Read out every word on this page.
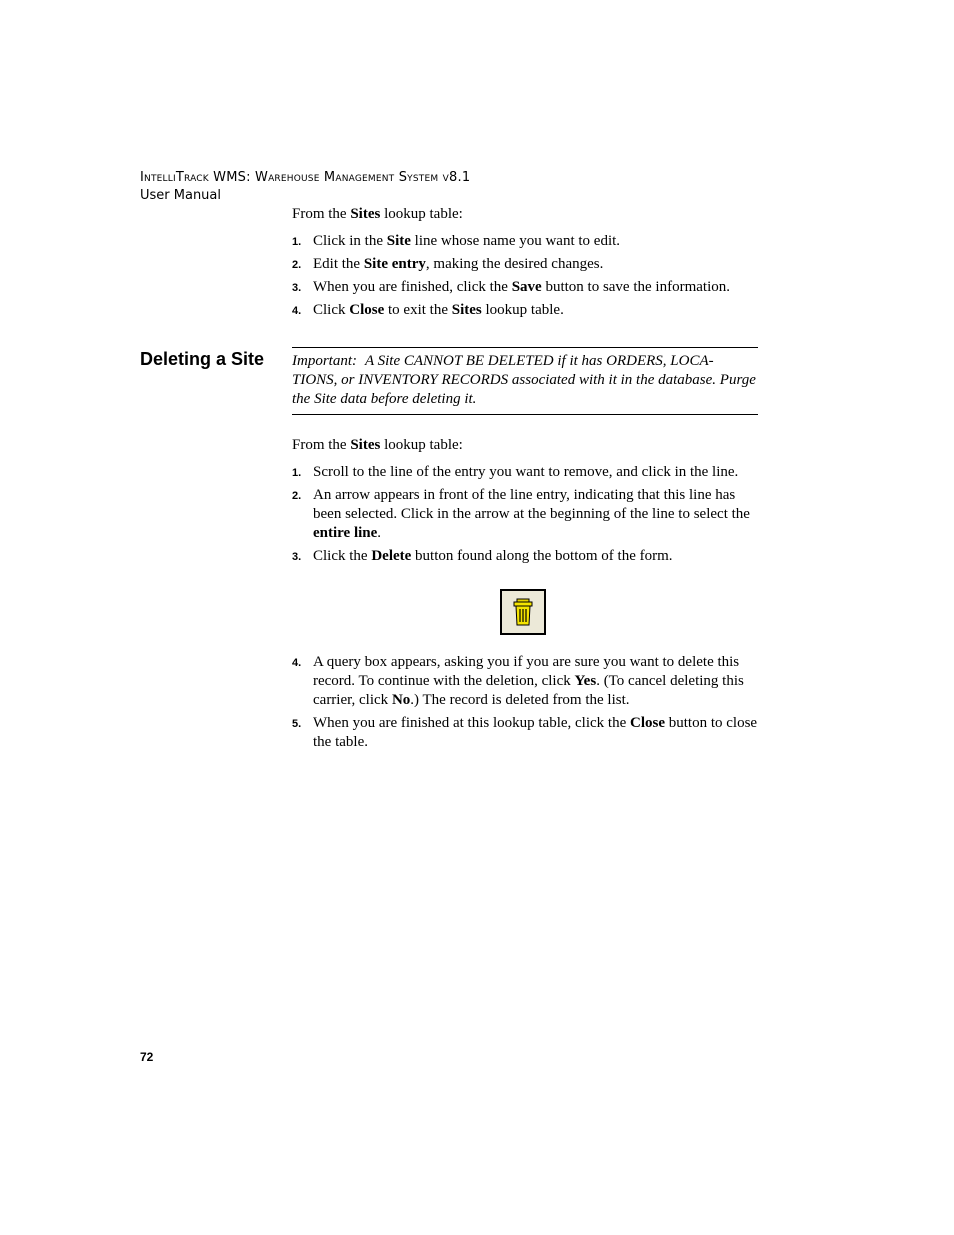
IntelliTrack WMS: Warehouse Management System v8.1
User Manual
From the Sites lookup table:
1. Click in the Site line whose name you want to edit.
2. Edit the Site entry, making the desired changes.
3. When you are finished, click the Save button to save the information.
4. Click Close to exit the Sites lookup table.
Deleting a Site Important: A Site CANNOT BE DELETED if it has ORDERS, LOCA-TIONS, or INVENTORY RECORDS associated with it in the database. Purge the Site data before deleting it.
From the Sites lookup table:
1. Scroll to the line of the entry you want to remove, and click in the line.
2. An arrow appears in front of the line entry, indicating that this line has been selected. Click in the arrow at the beginning of the line to select the entire line.
3. Click the Delete button found along the bottom of the form.
4. A query box appears, asking you if you are sure you want to delete this record. To continue with the deletion, click Yes. (To cancel deleting this carrier, click No.) The record is deleted from the list.
5. When you are finished at this lookup table, click the Close button to close the table.
72
